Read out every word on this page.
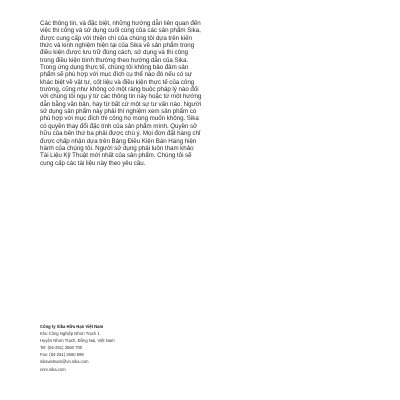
Các thông tin, và đặc biệt, những hướng dẫn liên quan đến việc thi công và sử dụng cuối cùng của các sản phẩm Sika, được cung cấp với thiện chí của chúng tôi dựa trên kiến thức và kinh nghiệm hiện tại của Sika về sản phẩm trong điều kiện được lưu trữ đúng cách, sử dụng và thi công trong điều kiện bình thường theo hướng dẫn của Sika. Trong ứng dụng thực tế, chúng tôi không bảo đảm sản phẩm sẽ phù hợp với mục đích cụ thể nào đó nếu có sự khác biệt về vật tư, cốt liệu và điều kiện thực tế của công trường, cũng như không có một ràng buộc pháp lý nào đối với chúng tôi ngụ ý từ các thông tin này hoặc từ một hướng dẫn bằng văn bản, hay từ bất cứ một sự tư vấn nào. Người sử dụng sản phẩm này phải thí nghiệm xem sản phẩm có phù hợp với mục đích thi công họ mong muốn không. Sika có quyền thay đổi đặc tính của sản phẩm mình. Quyền sở hữu của bên thứ ba phải được chú ý. Mọi đơn đặt hàng chỉ được chấp nhận dựa trên Bảng Điều Kiện Bán Hàng hiện hành của chúng tôi. Người sử dụng phải luôn tham khảo Tài Liệu Kỹ Thuật mới nhất của sản phẩm. Chúng tôi sẽ cung cấp các tài liệu này theo yêu cầu.

Công ty Sika Hữu Hạn Việt Nam
Khu Công Nghiệp Nhơn Trạch 1
Huyện Nhơn Trạch, Đồng Nai, Việt Nam
Tel: (84-251) 3560 700
Fax: (84-251) 3560 699
sikavietnam@vn.sika.com
vnm.sika.com
